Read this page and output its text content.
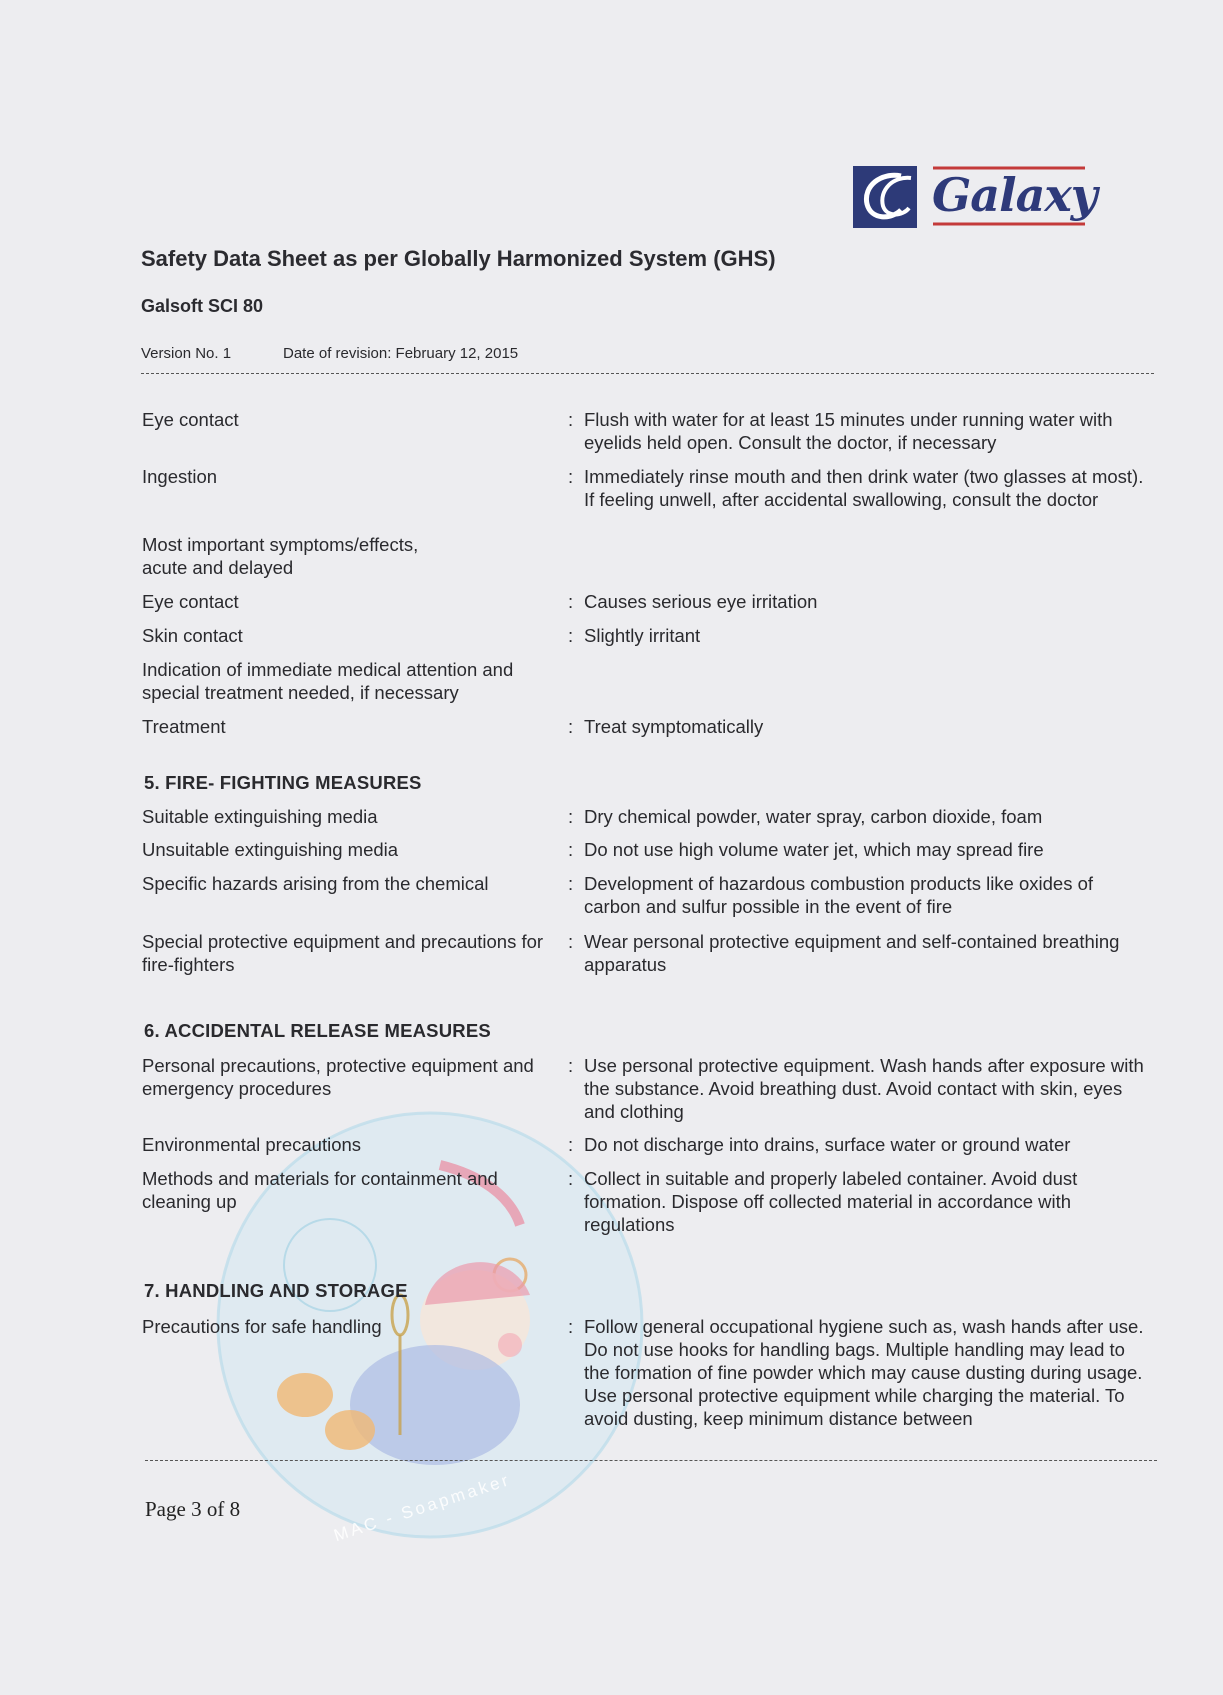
Galaxy
Safety Data Sheet as per Globally Harmonized System (GHS)
Galsoft SCI 80
Version No. 1	Date of revision: February 12, 2015
MAC - Soapmaker
Eye contact	: Flush with water for at least 15 minutes under running water with eyelids held open. Consult the doctor, if necessary
Ingestion	: Immediately rinse mouth and then drink water (two glasses at most). If feeling unwell, after accidental swallowing, consult the doctor
Most important symptoms/effects, acute and delayed
Eye contact	: Causes serious eye irritation
Skin contact	: Slightly irritant
Indication of immediate medical attention and special treatment needed, if necessary
Treatment	: Treat symptomatically
5. FIRE- FIGHTING MEASURES
Suitable extinguishing media	: Dry chemical powder, water spray, carbon dioxide, foam
Unsuitable extinguishing media	: Do not use high volume water jet, which may spread fire
Specific hazards arising from the chemical	: Development of hazardous combustion products like oxides of carbon and sulfur possible in the event of fire
Special protective equipment and precautions for fire-fighters
: Wear personal protective equipment and self-contained breathing apparatus
6. ACCIDENTAL RELEASE MEASURES
Personal precautions, protective equipment and emergency procedures
: Use personal protective equipment. Wash hands after exposure with the substance. Avoid breathing dust. Avoid contact with skin, eyes and clothing
Environmental precautions	: Do not discharge into drains, surface water or ground water
Methods and materials for containment and cleaning up
: Collect in suitable and properly labeled container. Avoid dust formation. Dispose off collected material in accordance with regulations
7. HANDLING AND STORAGE
Precautions for safe handling	: Follow general occupational hygiene such as, wash hands after use. Do not use hooks for handling bags. Multiple handling may lead to the formation of fine powder which may cause dusting during usage. Use personal protective equipment while charging the material. To avoid dusting, keep minimum distance between
Page 3 of 8
